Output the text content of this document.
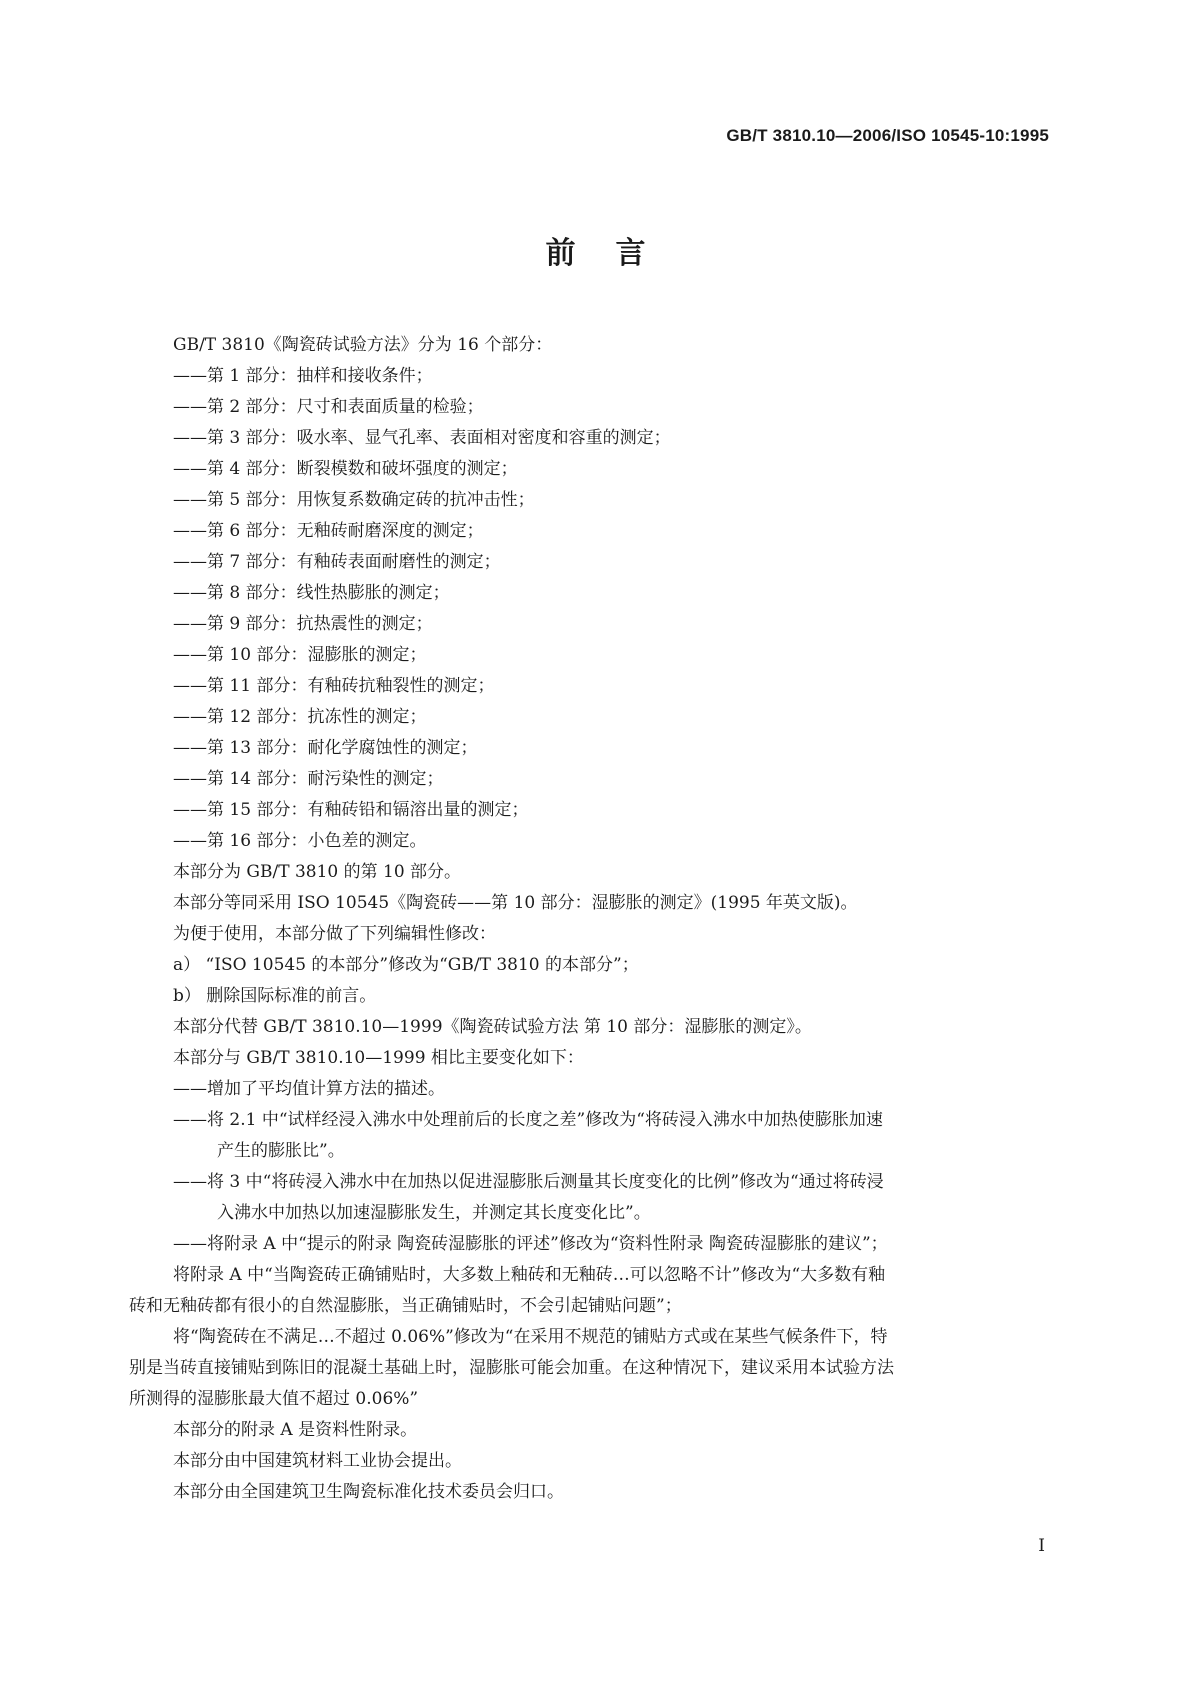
GB/T 3810.10—2006/ISO 10545-10:1995
前言
GB/T 3810《陶瓷砖试验方法》分为 16 个部分：
——第 1 部分：抽样和接收条件；
——第 2 部分：尺寸和表面质量的检验；
——第 3 部分：吸水率、显气孔率、表面相对密度和容重的测定；
——第 4 部分：断裂模数和破坏强度的测定；
——第 5 部分：用恢复系数确定砖的抗冲击性；
——第 6 部分：无釉砖耐磨深度的测定；
——第 7 部分：有釉砖表面耐磨性的测定；
——第 8 部分：线性热膨胀的测定；
——第 9 部分：抗热震性的测定；
——第 10 部分：湿膨胀的测定；
——第 11 部分：有釉砖抗釉裂性的测定；
——第 12 部分：抗冻性的测定；
——第 13 部分：耐化学腐蚀性的测定；
——第 14 部分：耐污染性的测定；
——第 15 部分：有釉砖铅和镉溶出量的测定；
——第 16 部分：小色差的测定。
本部分为 GB/T 3810 的第 10 部分。
本部分等同采用 ISO 10545《陶瓷砖——第 10 部分：湿膨胀的测定》(1995 年英文版)。
为便于使用，本部分做了下列编辑性修改：
a） “ISO 10545 的本部分”修改为“GB/T 3810 的本部分”；
b） 删除国际标准的前言。
本部分代替 GB/T 3810.10—1999《陶瓷砖试验方法 第 10 部分：湿膨胀的测定》。
本部分与 GB/T 3810.10—1999 相比主要变化如下：
——增加了平均值计算方法的描述。
——将 2.1 中“试样经浸入沸水中处理前后的长度之差”修改为“将砖浸入沸水中加热使膨胀加速
产生的膨胀比”。
——将 3 中“将砖浸入沸水中在加热以促进湿膨胀后测量其长度变化的比例”修改为“通过将砖浸
入沸水中加热以加速湿膨胀发生，并测定其长度变化比”。
——将附录 A 中“提示的附录 陶瓷砖湿膨胀的评述”修改为“资料性附录 陶瓷砖湿膨胀的建议”；
将附录 A 中“当陶瓷砖正确铺贴时，大多数上釉砖和无釉砖…可以忽略不计”修改为“大多数有釉
砖和无釉砖都有很小的自然湿膨胀，当正确铺贴时，不会引起铺贴问题”；
将“陶瓷砖在不满足…不超过 0.06%”修改为“在采用不规范的铺贴方式或在某些气候条件下，特
别是当砖直接铺贴到陈旧的混凝土基础上时，湿膨胀可能会加重。在这种情况下，建议采用本试验方法
所测得的湿膨胀最大值不超过 0.06%”
本部分的附录 A 是资料性附录。
本部分由中国建筑材料工业协会提出。
本部分由全国建筑卫生陶瓷标准化技术委员会归口。
I
